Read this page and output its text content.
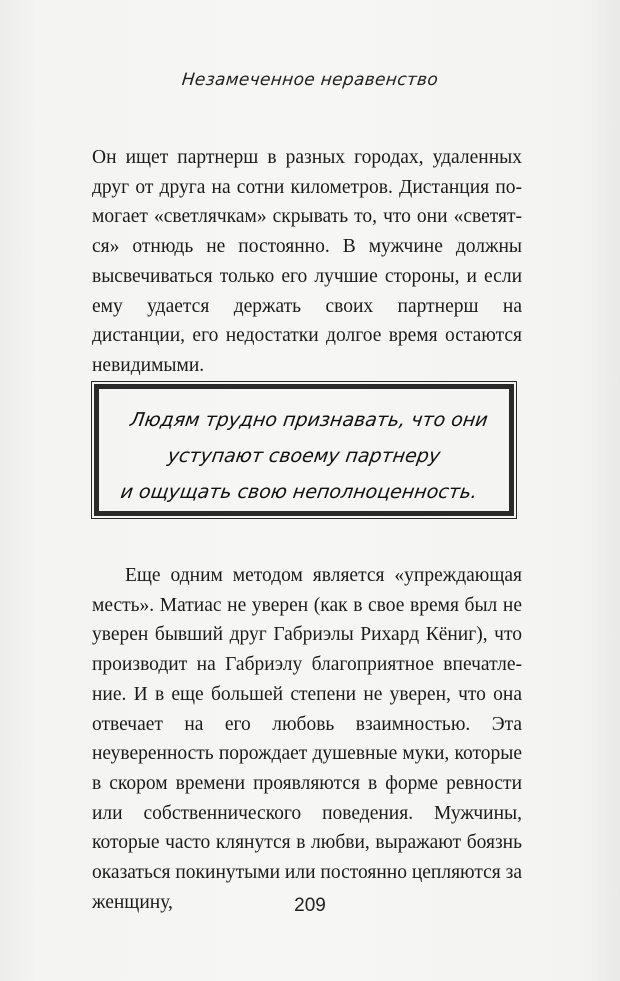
Незамеченное неравенство

Он ищет партнерш в разных городах, удаленных друг от друга на сотни километров. Дистанция помогает «светлячкам» скрывать то, что они «светятся» отнюдь не постоянно. В мужчине должны высвечиваться только его лучшие стороны, и если ему удается держать своих партнерш на дистанции, его недостатки долгое время остаются невидимыми.

Людям трудно признавать, что они
уступают своему партнеру
и ощущать свою неполноценность.

Еще одним методом является «упреждающая месть». Матиас не уверен (как в свое время был не уверен бывший друг Габриэлы Рихард Кёниг), что производит на Габриэлу благоприятное впечатление. И в еще большей степени не уверен, что она отвечает на его любовь взаимностью. Эта неуверенность порождает душевные муки, которые в скором времени проявляются в форме ревности или собственнического поведения. Мужчины, которые часто клянутся в любви, выражают боязнь оказаться покинутыми или постоянно цепляются за женщину,	209
